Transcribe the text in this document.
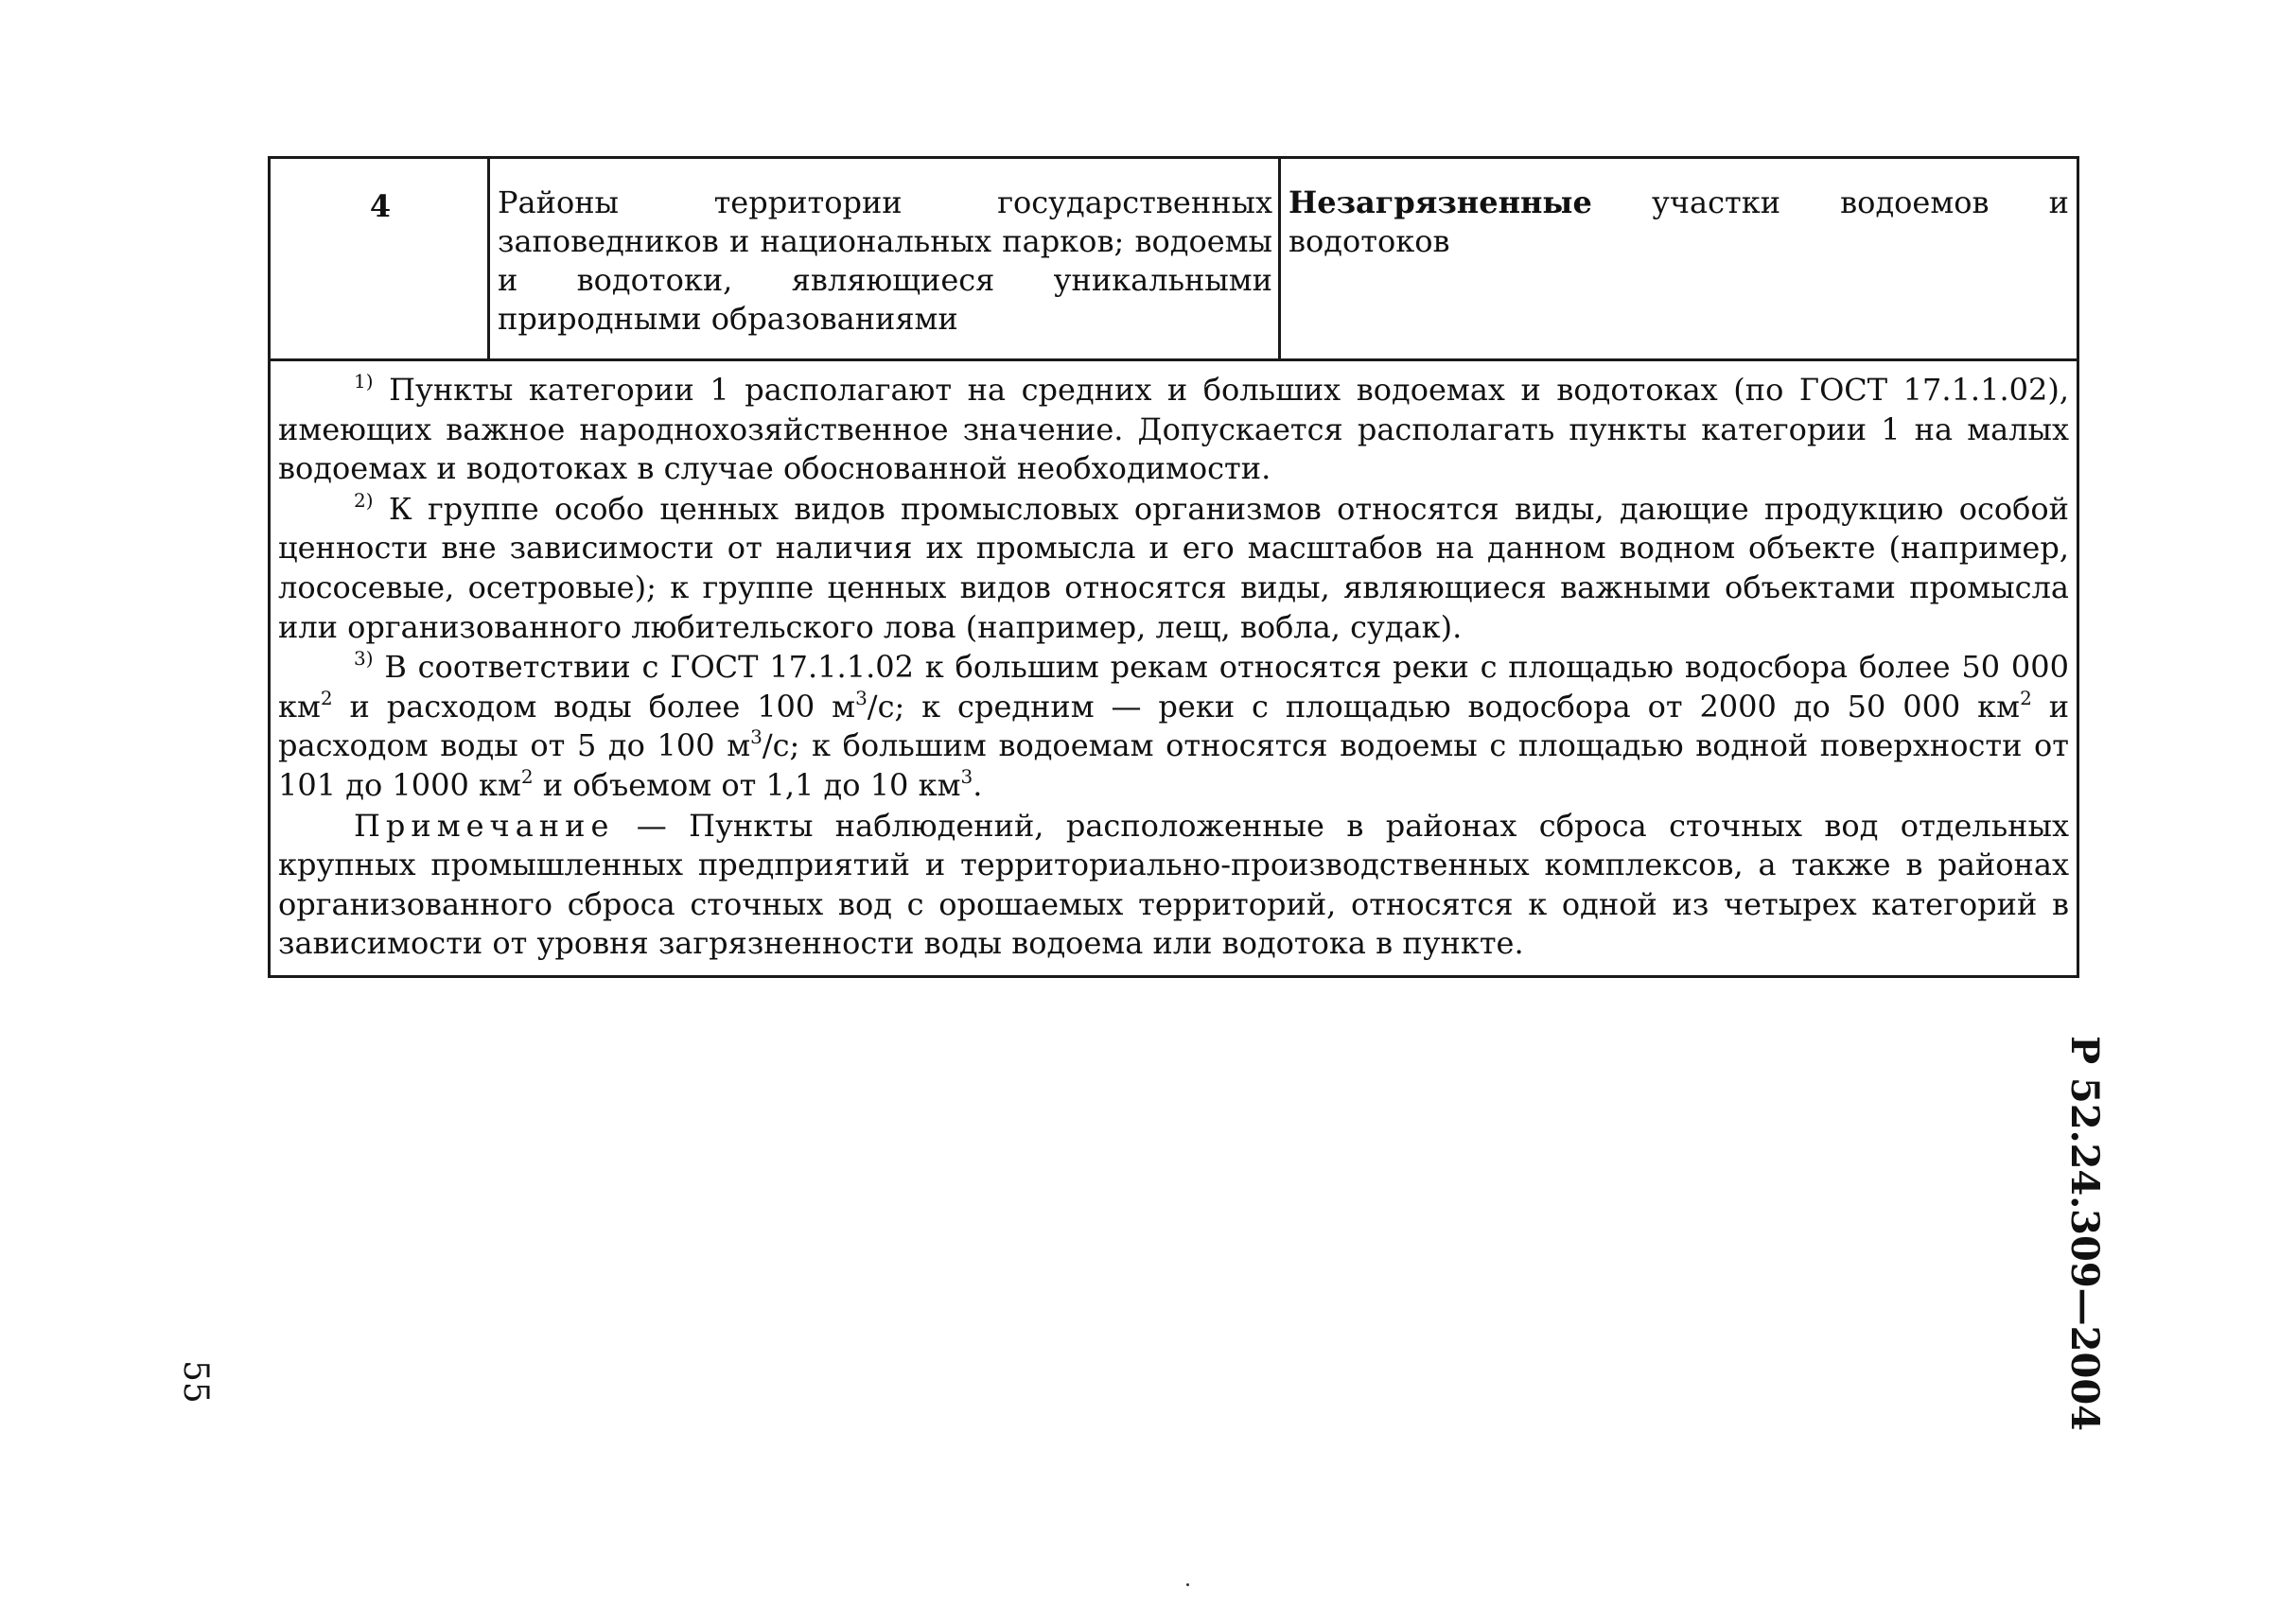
4	Районы территории государственных заповедников и национальных парков; водоемы и водотоки, являющиеся уникальными природными образованиями

Незагрязненные участки водоемов и водотоков

$^{1)}$ Пункты категории 1 располагают на средних и больших водоемах и водотоках (по ГОСТ 17.1.1.02), имеющих важное народнохозяйственное значение. Допускается располагать пункты категории 1 на малых водоемах и водотоках в случае обоснованной необходимости.

$^{2)}$ К группе особо ценных видов промысловых организмов относятся виды, дающие продукцию особой ценности вне зависимости от наличия их промысла и его масштабов на данном водном объекте (например, лососевые, осетровые); к группе ценных видов относятся виды, являющиеся важными объектами промысла или организованного любительского лова (например, лещ, вобла, судак).

$^{3)}$ В соответствии с ГОСТ 17.1.1.02 к большим рекам относятся реки с площадью водосбора более 50 000 $км^2$ и расходом воды более 100 $м^3/с$; к средним — реки с площадью водосбора от 2000 до 50 000 $км^2$ и расходом воды от 5 до 100 $м^3/с$; к большим водоемам относятся водоемы с площадью водной поверхности от 101 до 1000 $км^2$ и объемом от 1,1 до 10 $км^3$.

Примечание — Пункты наблюдений, расположенные в районах сброса сточных вод отдельных крупных промышленных предприятий и территориально-производственных комплексов, а также в районах организованного сброса сточных вод с орошаемых территорий, относятся к одной из четырех категорий в зависимости от уровня загрязненности воды водоема или водотока в пункте.

Р 52.24.309—2004
55
